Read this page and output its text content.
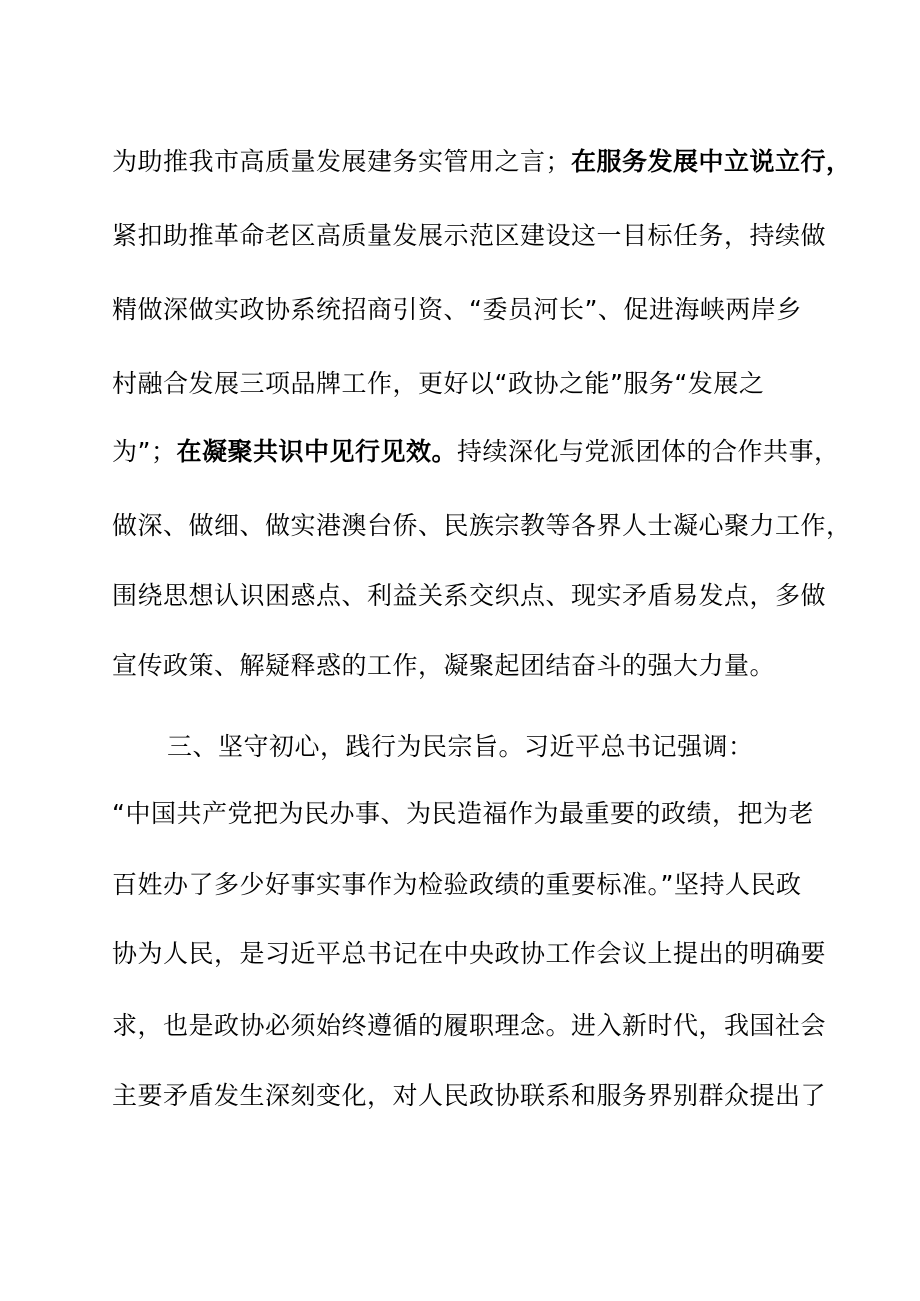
为助推我市高质量发展建务实管用之言；在服务发展中立说立行，
紧扣助推革命老区高质量发展示范区建设这一目标任务，持续做
精做深做实政协系统招商引资、“委员河长”、促进海峡两岸乡
村融合发展三项品牌工作，更好以“政协之能”服务“发展之
为”；在凝聚共识中见行见效。持续深化与党派团体的合作共事，
做深、做细、做实港澳台侨、民族宗教等各界人士凝心聚力工作，
围绕思想认识困惑点、利益关系交织点、现实矛盾易发点，多做
宣传政策、解疑释惑的工作，凝聚起团结奋斗的强大力量。
三、坚守初心，践行为民宗旨。习近平总书记强调：
“中国共产党把为民办事、为民造福作为最重要的政绩，把为老
百姓办了多少好事实事作为检验政绩的重要标准。”坚持人民政
协为人民，是习近平总书记在中央政协工作会议上提出的明确要
求，也是政协必须始终遵循的履职理念。进入新时代，我国社会
主要矛盾发生深刻变化，对人民政协联系和服务界别群众提出了
